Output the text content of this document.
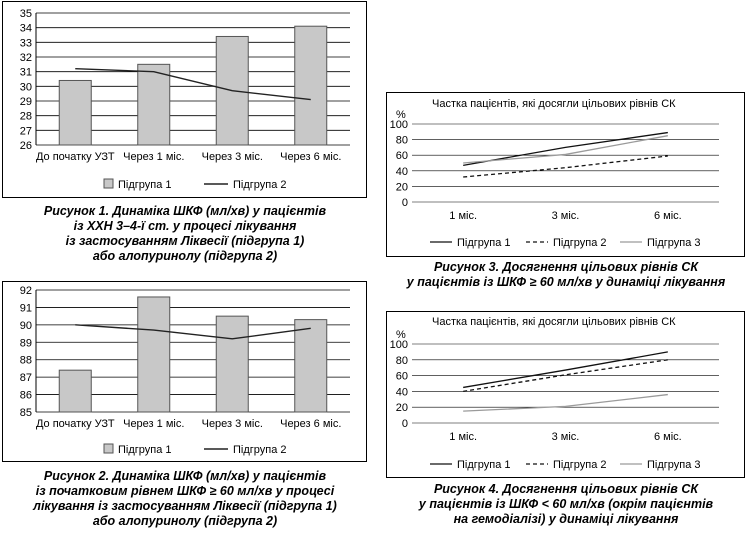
26
27
28
29
30
31
32
33
34
35
До початку УЗТ Через 1 міс. Через 3 міс. Через 6 міс.
Підгрупа 1	Підгрупа 2
Рисунок 1. Динаміка ШКФ (мл/хв) у пацієнтів
із ХХН 3–4-ї ст. у процесі лікування
із застосуванням Ліквесії (підгрупа 1)
або алопуринолу (підгрупа 2)
85
86
87
88
89
90
91
92
До початку УЗТ Через 1 міс. Через 3 міс. Через 6 міс.
Підгрупа 1	Підгрупа 2
Рисунок 2. Динаміка ШКФ (мл/хв) у пацієнтів
із початковим рівнем ШКФ ≥ 60 мл/хв у процесі
лікування із застосуванням Ліквесії (підгрупа 1)
або алопуринолу (підгрупа 2)
Частка пацієнтів, які досягли цільових рівнів СК
%
0
20
40
60
80
100
1 міс.	3 міс.	6 міс.
Підгрупа 1	Підгрупа 2	Підгрупа 3
Рисунок 3. Досягнення цільових рівнів СК
у пацієнтів із ШКФ ≥ 60 мл/хв у динаміці лікування
Частка пацієнтів, які досягли цільових рівнів СК
%
0
20
40
60
80
100
1 міс.	3 міс.	6 міс.
Підгрупа 1	Підгрупа 2	Підгрупа 3
Рисунок 4. Досягнення цільових рівнів СК
у пацієнтів із ШКФ < 60 мл/хв (окрім пацієнтів
на гемодіалізі) у динаміці лікування
